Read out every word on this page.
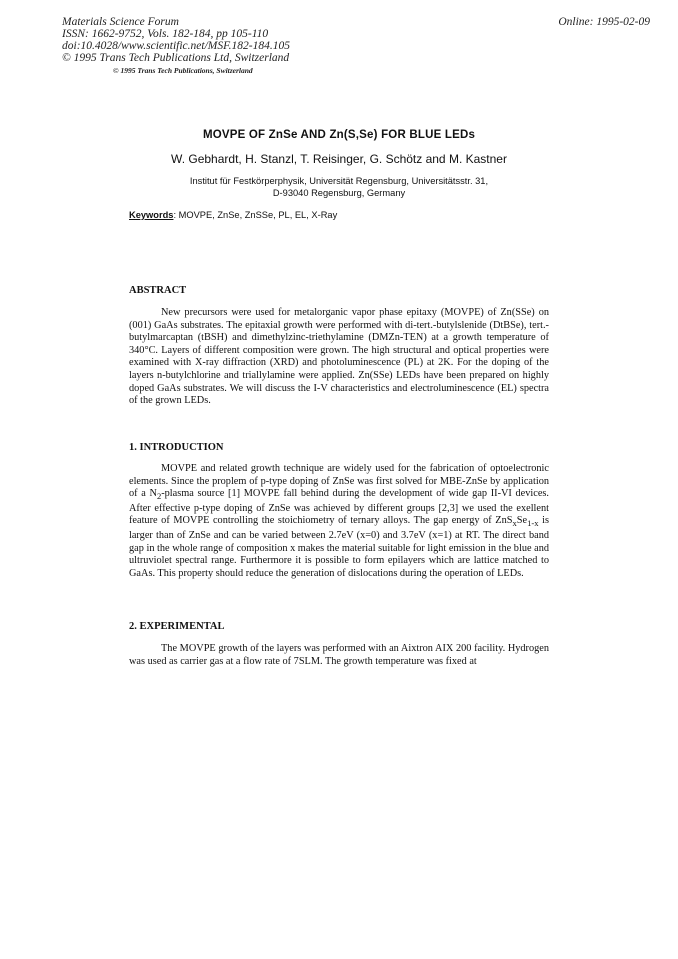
Materials Science Forum
ISSN: 1662-9752, Vols. 182-184, pp 105-110
doi:10.4028/www.scientific.net/MSF.182-184.105
© 1995 Trans Tech Publications Ltd, Switzerland
Online: 1995-02-09
© 1995 Trans Tech Publications, Switzerland
MOVPE OF ZnSe AND Zn(S,Se) FOR BLUE LEDs
W. Gebhardt, H. Stanzl, T. Reisinger, G. Schötz and M. Kastner
Institut für Festkörperphysik, Universität Regensburg, Universitätsstr. 31,
D-93040 Regensburg, Germany
Keywords: MOVPE, ZnSe, ZnSSe, PL, EL, X-Ray
ABSTRACT

New precursors were used for metalorganic vapor phase epitaxy (MOVPE) of Zn(SSe) on (001) GaAs substrates. The epitaxial growth were performed with di-tert.-butylslenide (DtBSe), tert.-butylmarcaptan (tBSH) and dimethylzinc-triethylamine (DMZn-TEN) at a growth temperature of 340°C. Layers of different composition were grown. The high structural and optical properties were examined with X-ray diffraction (XRD) and photoluminescence (PL) at 2K. For the doping of the layers n-butylchlorine and triallylamine were applied. Zn(SSe) LEDs have been prepared on highly doped GaAs substrates. We will discuss the I-V characteristics and electroluminescence (EL) spectra of the grown LEDs.

1. INTRODUCTION

MOVPE and related growth technique are widely used for the fabrication of optoelectronic elements. Since the proplem of p-type doping of ZnSe was first solved for MBE-ZnSe by application of a $N_2$-plasma source [1] MOVPE fall behind during the development of wide gap II-VI devices. After effective p-type doping of ZnSe was achieved by different groups [2,3] we used the exellent feature of MOVPE controlling the stoichiometry of ternary alloys. The gap energy of $ZnS_xSe_{1-x}$ is larger than of ZnSe and can be varied between 2.7eV (x=0) and 3.7eV (x=1) at RT. The direct band gap in the whole range of composition x makes the material suitable for light emission in the blue and ultruviolet spectral range. Furthermore it is possible to form epilayers which are lattice matched to GaAs. This property should reduce the generation of dislocations during the operation of LEDs.

2. EXPERIMENTAL

The MOVPE growth of the layers was performed with an Aixtron AIX 200 facility. Hydrogen was used as carrier gas at a flow rate of 7SLM. The growth temperature was fixed at
